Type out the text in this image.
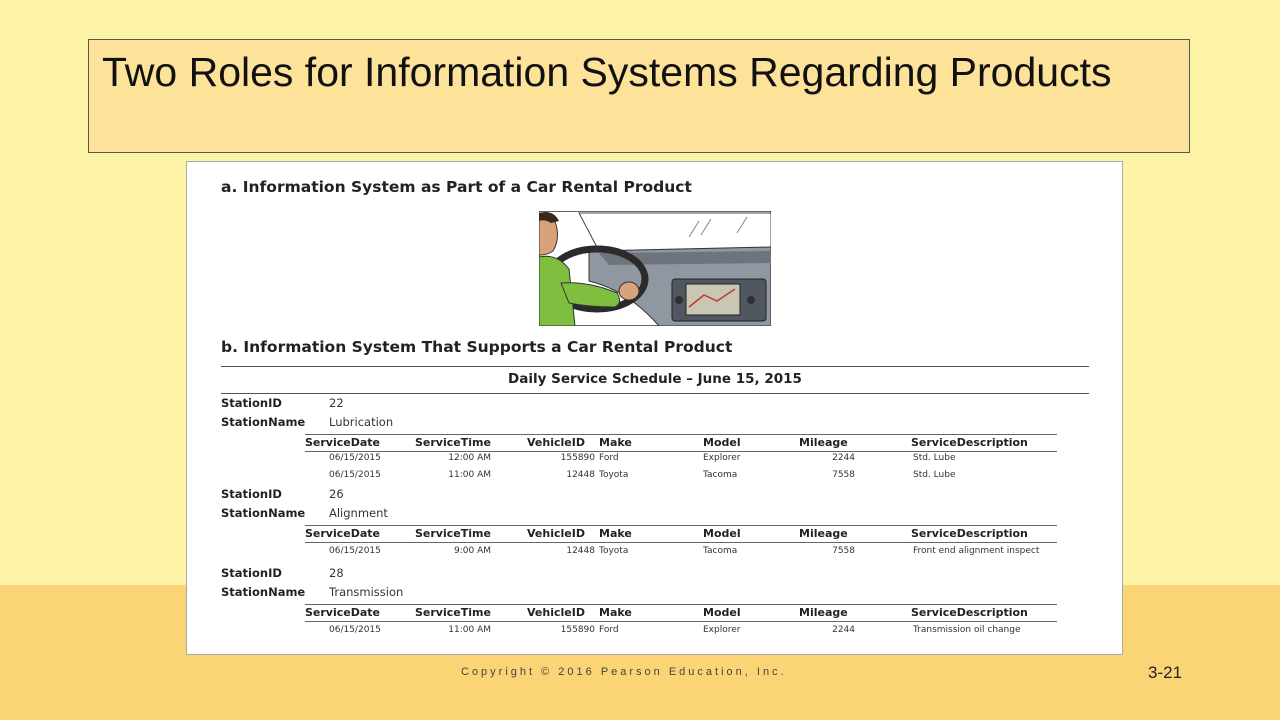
Two Roles for Information Systems Regarding Products
a. Information System as Part of a Car Rental Product
b. Information System That Supports a Car Rental Product
Daily Service Schedule – June 15, 2015
StationID	22
StationName Lubrication
ServiceDate	ServiceTime	VehicleID Make	Model	Mileage	ServiceDescription
06/15/2015	12:00 AM	155890 Ford	Explorer	2244	Std. Lube
06/15/2015	11:00 AM	12448 Toyota	Tacoma	7558	Std. Lube
StationID	26
StationName Alignment
ServiceDate	ServiceTime	VehicleID Make	Model	Mileage	ServiceDescription
06/15/2015	9:00 AM	12448 Toyota	Tacoma	7558	Front end alignment inspect
StationID	28
StationName Transmission
ServiceDate	ServiceTime	VehicleID Make	Model	Mileage	ServiceDescription
06/15/2015	11:00 AM	155890 Ford	Explorer	2244	Transmission oil change
Copyright © 2016 Pearson Education, Inc.	3-21
